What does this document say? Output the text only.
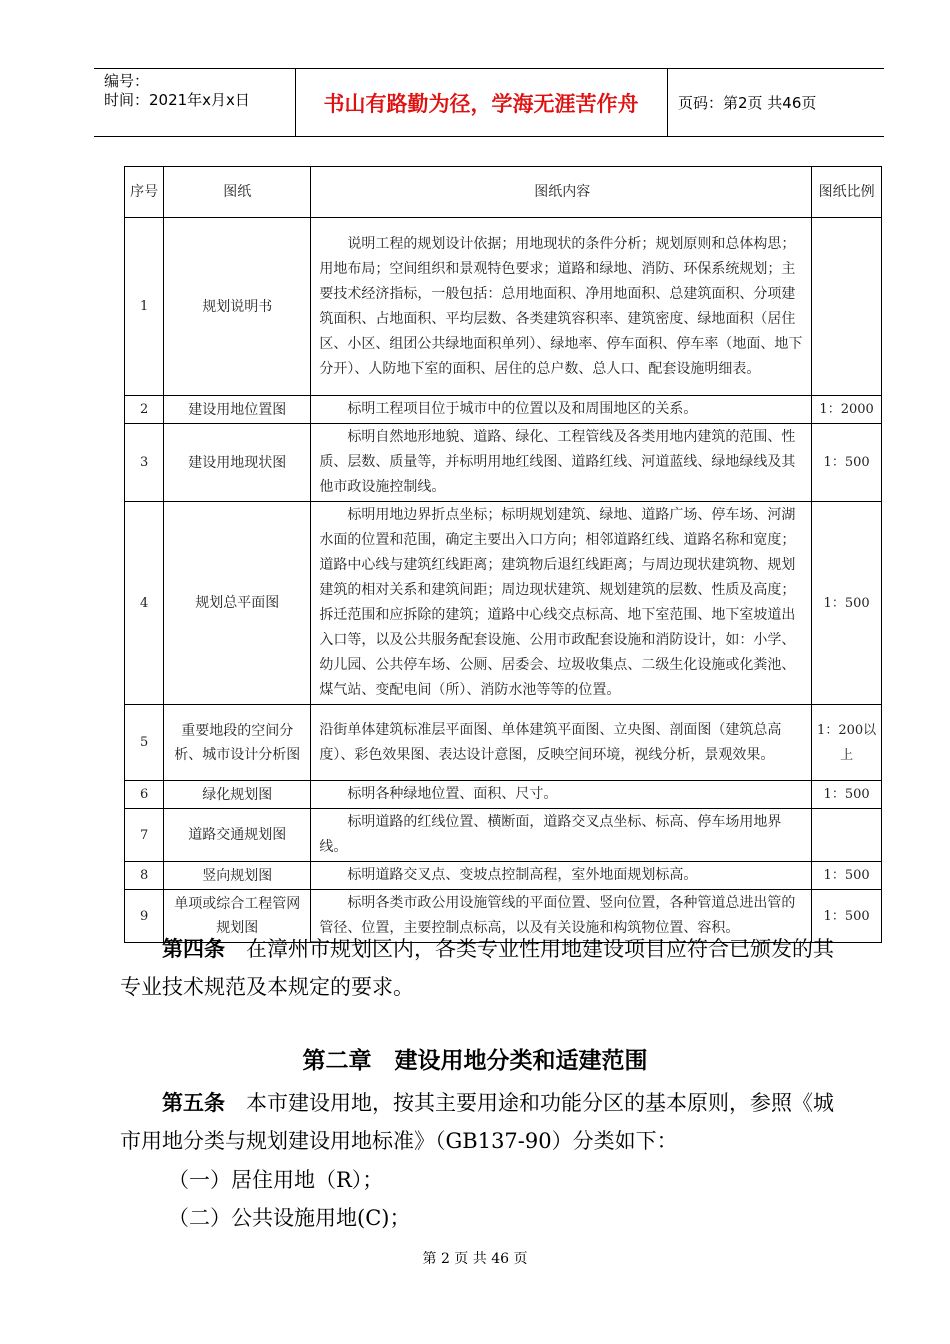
编号：
时间：2021年x月x日	书山有路勤为径，学海无涯苦作舟	页码：第2页 共46页
序号	图纸	图纸内容	图纸比例
1	规划说明书	说明工程的规划设计依据；用地现状的条件分析；规划原则和总体构思；用地布局；空间组织和景观特色要求；道路和绿地、消防、环保系统规划；主要技术经济指标，一般包括：总用地面积、净用地面积、总建筑面积、分项建筑面积、占地面积、平均层数、各类建筑容积率、建筑密度、绿地面积（居住区、小区、组团公共绿地面积单列）、绿地率、停车面积、停车率（地面、地下分开）、人防地下室的面积、居住的总户数、总人口、配套设施明细表。	
2	建设用地位置图	标明工程项目位于城市中的位置以及和周围地区的关系。	1：2000
3	建设用地现状图	标明自然地形地貌、道路、绿化、工程管线及各类用地内建筑的范围、性质、层数、质量等，并标明用地红线图、道路红线、河道蓝线、绿地绿线及其他市政设施控制线。	1：500
4	规划总平面图	标明用地边界折点坐标；标明规划建筑、绿地、道路广场、停车场、河湖水面的位置和范围，确定主要出入口方向；相邻道路红线、道路名称和宽度；道路中心线与建筑红线距离；建筑物后退红线距离；与周边现状建筑物、规划建筑的相对关系和建筑间距；周边现状建筑、规划建筑的层数、性质及高度；拆迁范围和应拆除的建筑；道路中心线交点标高、地下室范围、地下室坡道出入口等，以及公共服务配套设施、公用市政配套设施和消防设计，如：小学、幼儿园、公共停车场、公厕、居委会、垃圾收集点、二级生化设施或化粪池、煤气站、变配电间（所）、消防水池等等的位置。	1：500
5	重要地段的空间分析、城市设计分析图	沿街单体建筑标准层平面图、单体建筑平面图、立央图、剖面图（建筑总高度）、彩色效果图、表达设计意图，反映空间环境，视线分析，景观效果。	1：200以上
6	绿化规划图	标明各种绿地位置、面积、尺寸。	1：500
7	道路交通规划图	标明道路的红线位置、横断面，道路交叉点坐标、标高、停车场用地界线。	
8	竖向规划图	标明道路交叉点、变坡点控制高程，室外地面规划标高。	1：500
9	单项或综合工程管网规划图	标明各类市政公用设施管线的平面位置、竖向位置，各种管道总进出管的管径、位置，主要控制点标高，以及有关设施和构筑物位置、容积。	1：500
第四条　 在漳州市规划区内，各类专业性用地建设项目应符合已颁发的其专业技术规范及本规定的要求。
第二章　建设用地分类和适建范围
第五条　 本市建设用地，按其主要用途和功能分区的基本原则，参照《城市用地分类与规划建设用地标准》（GB137-90）分类如下：
（一）居住用地（R）；
（二）公共设施用地(C)；
第 2 页 共 46 页
